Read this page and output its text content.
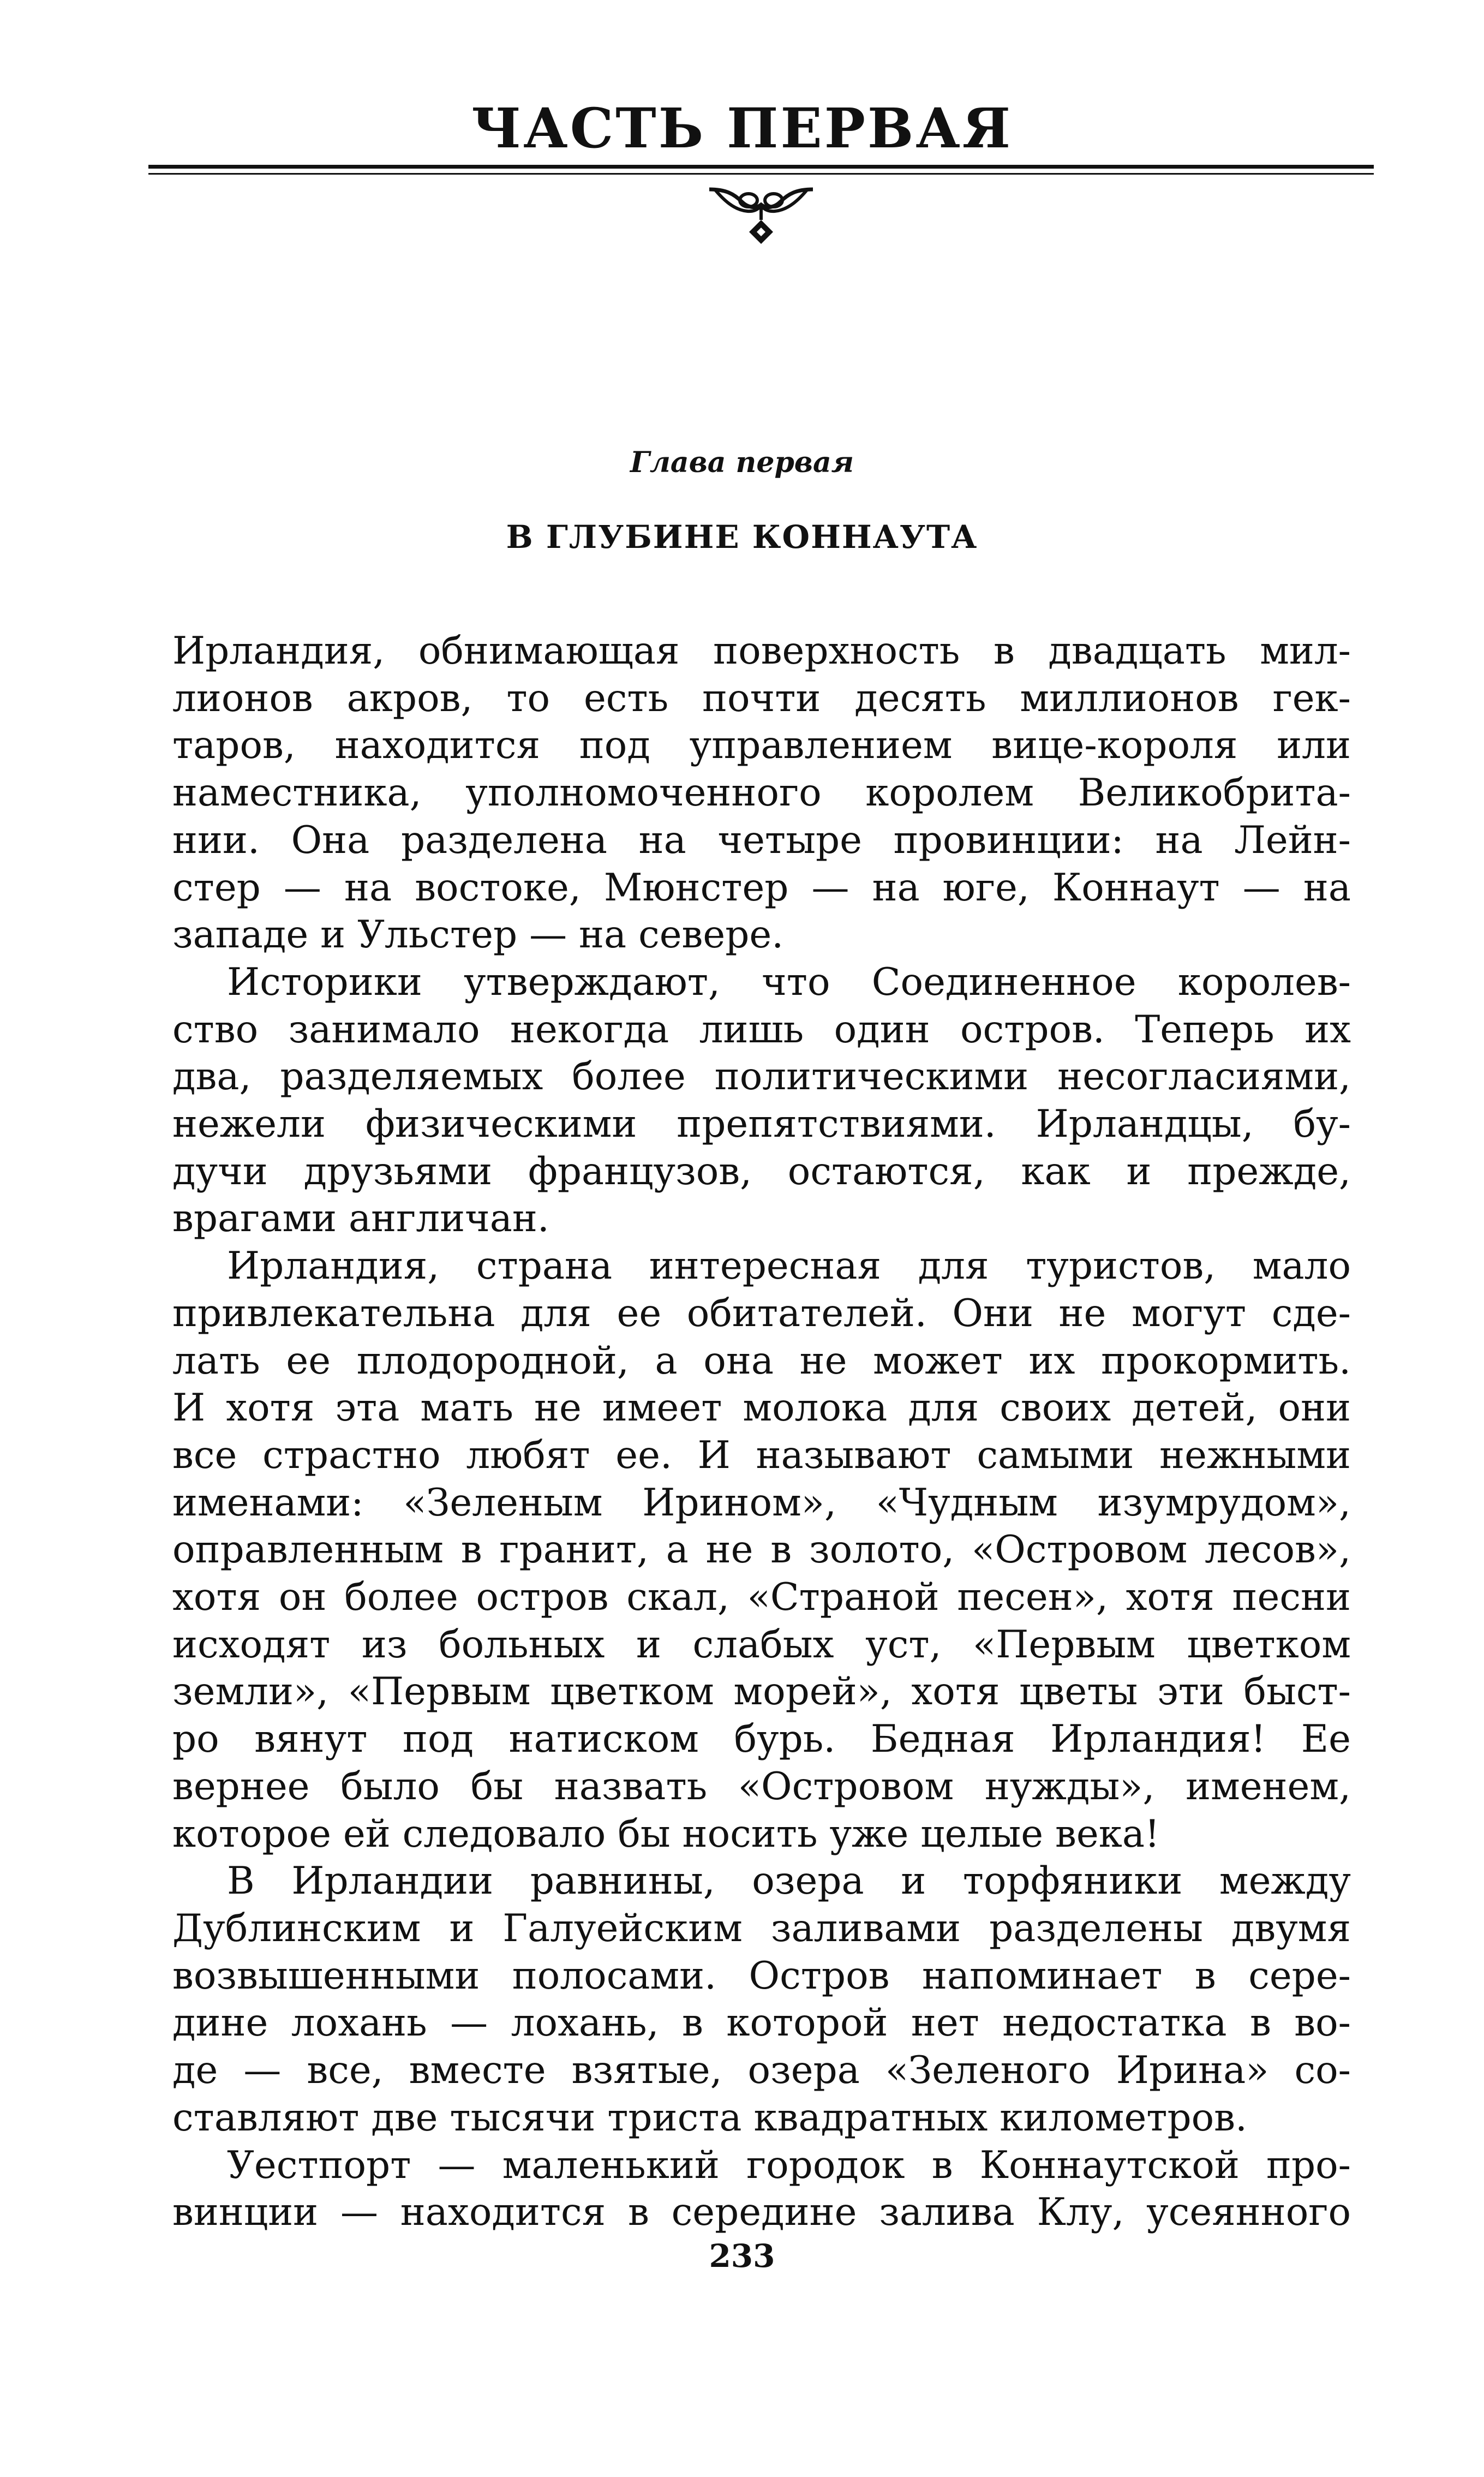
ЧАСТЬ ПЕРВАЯ
Глава первая
В ГЛУБИНЕ КОННАУТА

Ирландия, обнимающая поверхность в двадцать мил-
лионов акров, то есть почти десять миллионов гек-
таров, находится под управлением вице-короля или
наместника, уполномоченного королем Великобрита-
нии. Она разделена на четыре провинции: на Лейн-
стер — на востоке, Мюнстер — на юге, Коннаут — на
западе и Ульстер — на севере.

Историки утверждают, что Соединенное королев-
ство занимало некогда лишь один остров. Теперь их
два, разделяемых более политическими несогласиями,
нежели физическими препятствиями. Ирландцы, бу-
дучи друзьями французов, остаются, как и прежде,
врагами англичан.

Ирландия, страна интересная для туристов, мало
привлекательна для ее обитателей. Они не могут сде-
лать ее плодородной, а она не может их прокормить.
И хотя эта мать не имеет молока для своих детей, они
все страстно любят ее. И называют самыми нежными
именами: «Зеленым Ирином», «Чудным изумрудом»,
оправленным в гранит, а не в золото, «Островом лесов»,
хотя он более остров скал, «Страной песен», хотя песни
исходят из больных и слабых уст, «Первым цветком
земли», «Первым цветком морей», хотя цветы эти быст-
ро вянут под натиском бурь. Бедная Ирландия! Ее
вернее было бы назвать «Островом нужды», именем,
которое ей следовало бы носить уже целые века!

В Ирландии равнины, озера и торфяники между
Дублинским и Галуейским заливами разделены двумя
возвышенными полосами. Остров напоминает в сере-
дине лохань — лохань, в которой нет недостатка в во-
де — все, вместе взятые, озера «Зеленого Ирина» со-
ставляют две тысячи триста квадратных километров.

Уестпорт — маленький городок в Коннаутской про-
винции — находится в середине залива Клу, усеянного

233
